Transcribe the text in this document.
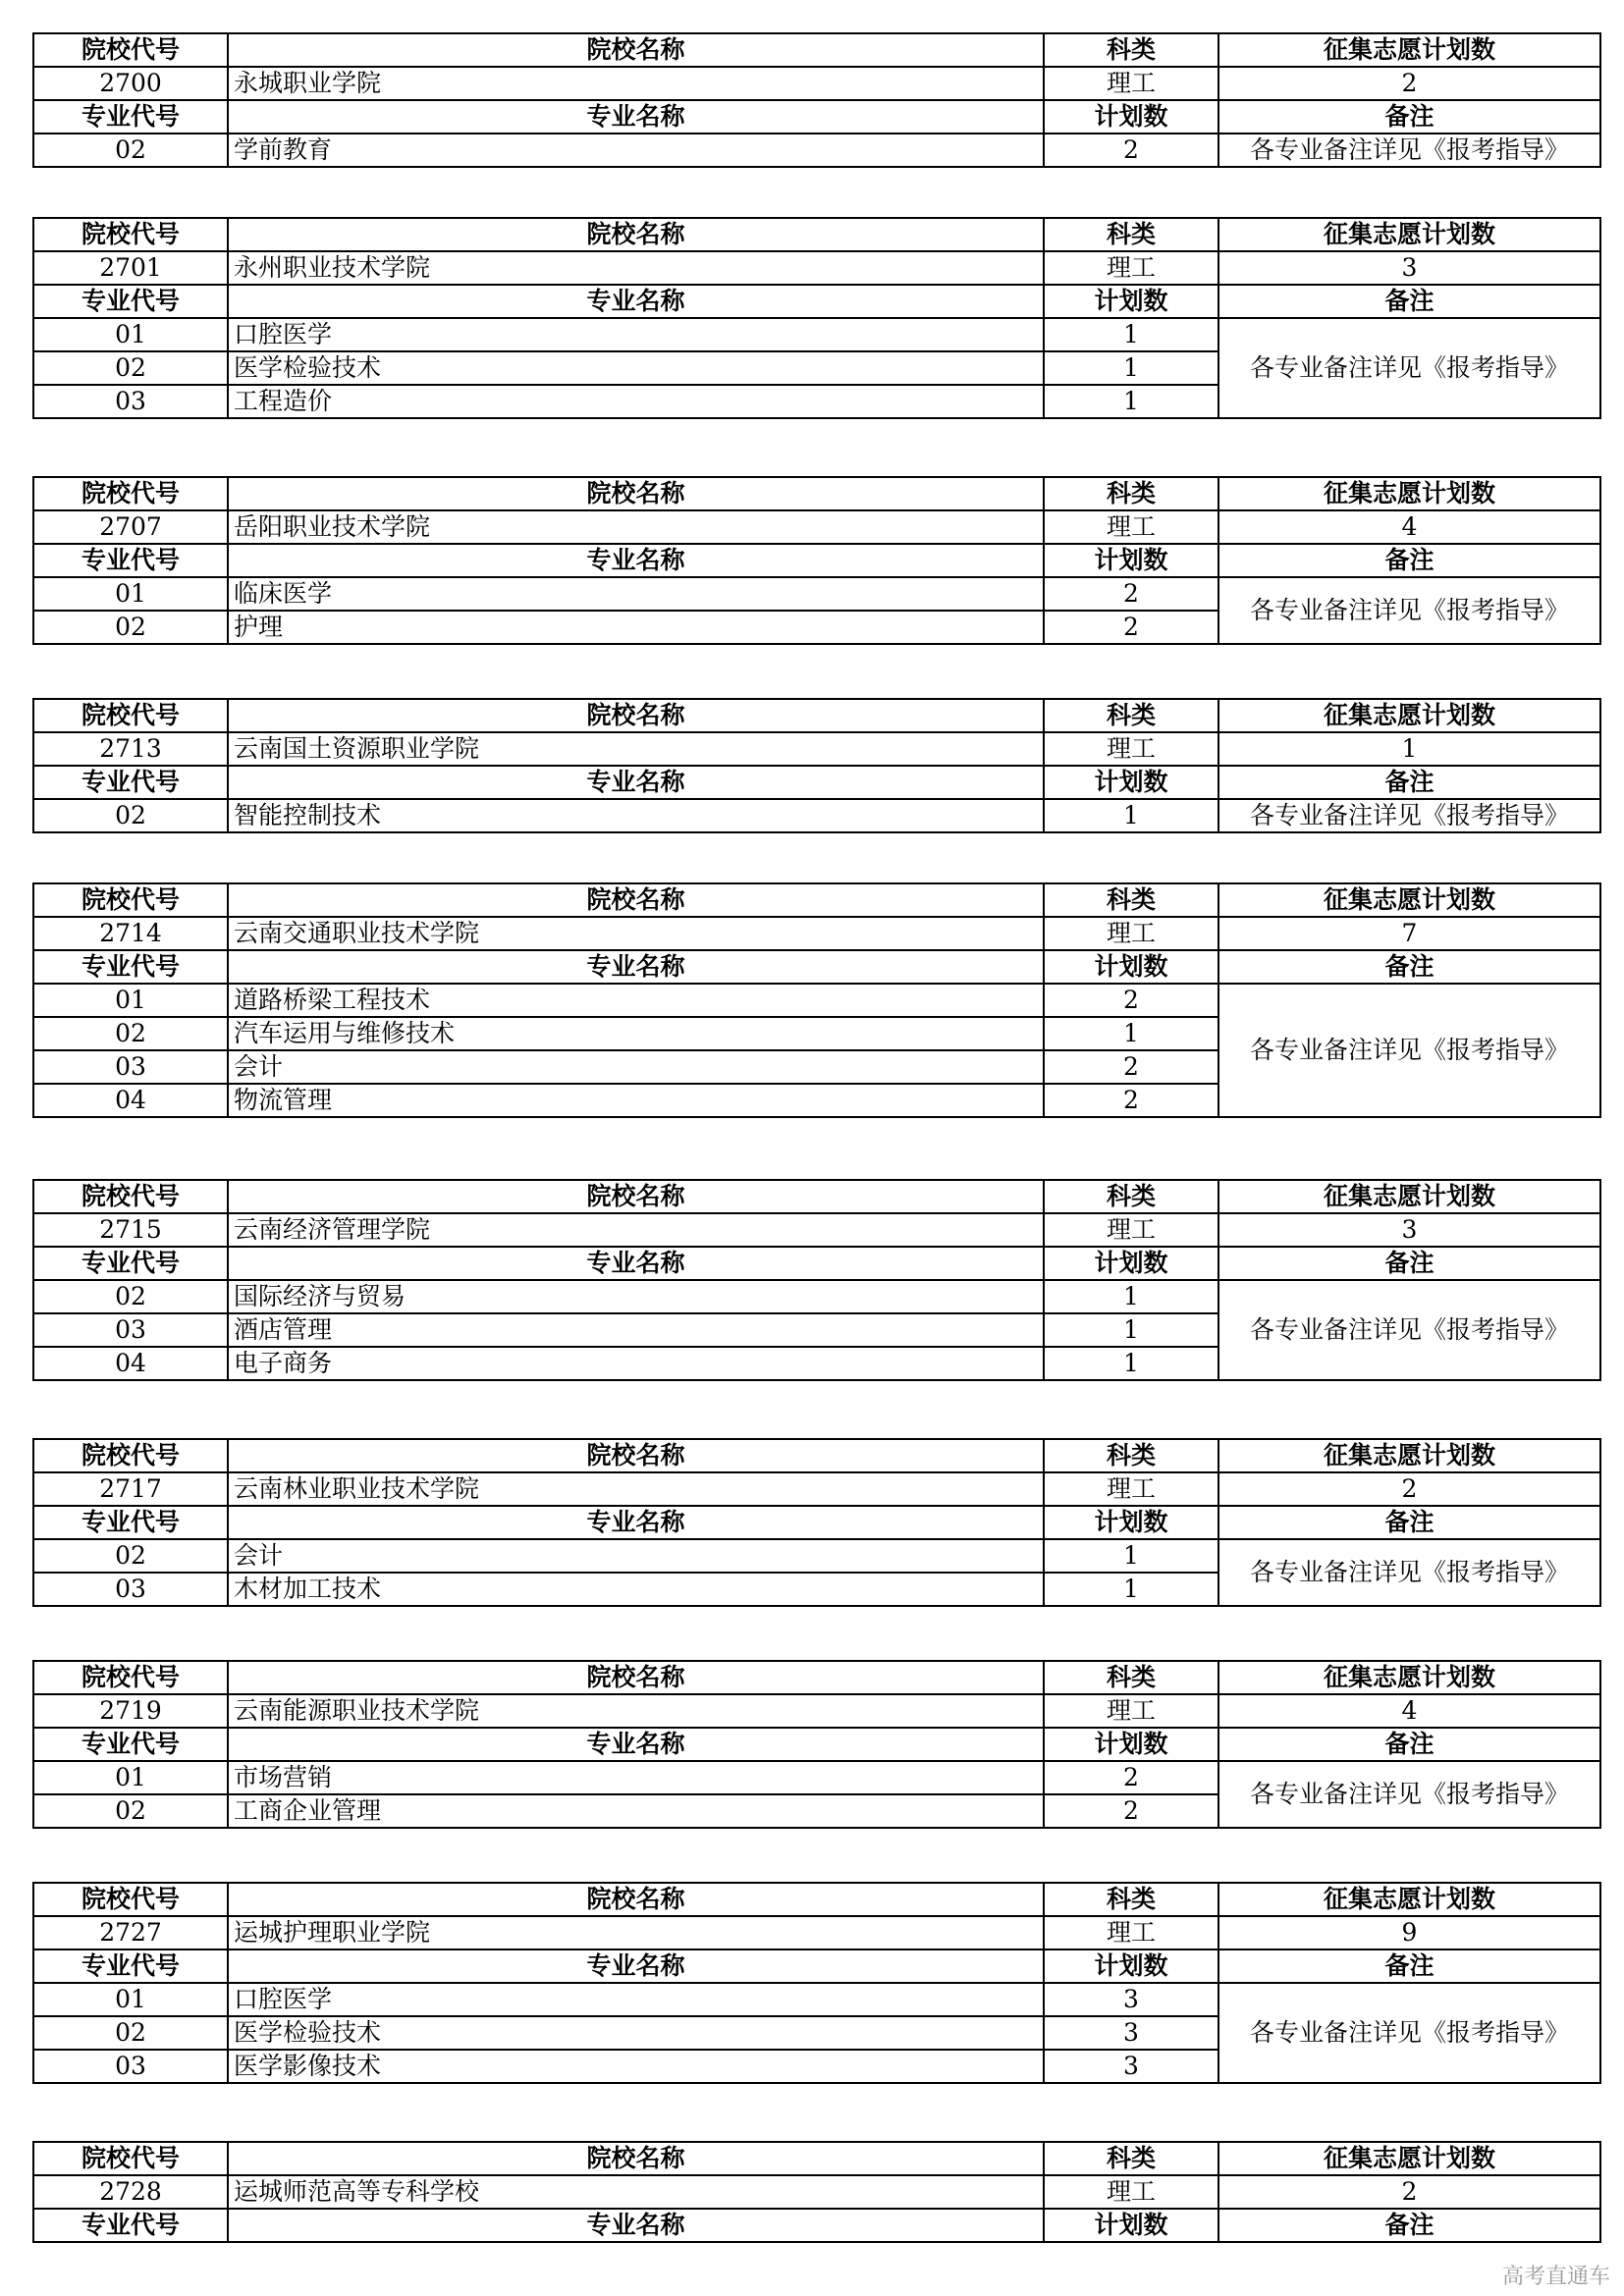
院校代号	院校名称	科类	征集志愿计划数
2700	永城职业学院	理工	2
专业代号	专业名称	计划数	备注
02	学前教育	2	各专业备注详见《报考指导》
院校代号	院校名称	科类	征集志愿计划数
2701	永州职业技术学院	理工	3
专业代号	专业名称	计划数	备注
01	口腔医学	1	各专业备注详见《报考指导》
02	医学检验技术	1	
03	工程造价	1	
院校代号	院校名称	科类	征集志愿计划数
2707	岳阳职业技术学院	理工	4
专业代号	专业名称	计划数	备注
01	临床医学	2	各专业备注详见《报考指导》
02	护理	2	
院校代号	院校名称	科类	征集志愿计划数
2713	云南国土资源职业学院	理工	1
专业代号	专业名称	计划数	备注
02	智能控制技术	1	各专业备注详见《报考指导》
院校代号	院校名称	科类	征集志愿计划数
2714	云南交通职业技术学院	理工	7
专业代号	专业名称	计划数	备注
01	道路桥梁工程技术	2	各专业备注详见《报考指导》
02	汽车运用与维修技术	1	
03	会计	2	
04	物流管理	2	
院校代号	院校名称	科类	征集志愿计划数
2715	云南经济管理学院	理工	3
专业代号	专业名称	计划数	备注
02	国际经济与贸易	1	各专业备注详见《报考指导》
03	酒店管理	1	
04	电子商务	1	
院校代号	院校名称	科类	征集志愿计划数
2717	云南林业职业技术学院	理工	2
专业代号	专业名称	计划数	备注
02	会计	1	各专业备注详见《报考指导》
03	木材加工技术	1	
院校代号	院校名称	科类	征集志愿计划数
2719	云南能源职业技术学院	理工	4
专业代号	专业名称	计划数	备注
01	市场营销	2	各专业备注详见《报考指导》
02	工商企业管理	2	
院校代号	院校名称	科类	征集志愿计划数
2727	运城护理职业学院	理工	9
专业代号	专业名称	计划数	备注
01	口腔医学	3	各专业备注详见《报考指导》
02	医学检验技术	3	
03	医学影像技术	3	
院校代号	院校名称	科类	征集志愿计划数
2728	运城师范高等专科学校	理工	2
专业代号	专业名称	计划数	备注
高考直通车
